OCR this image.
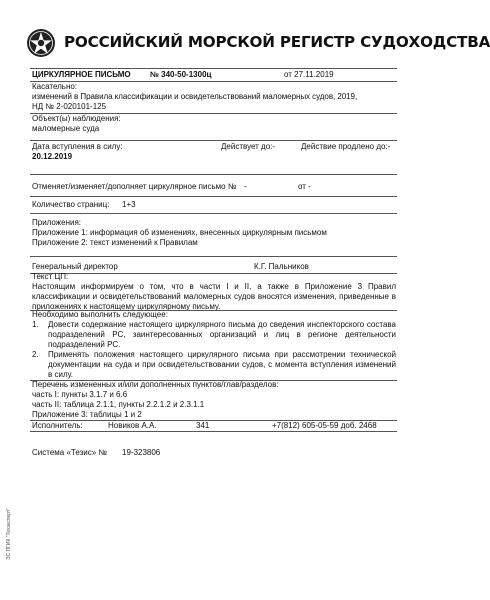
РОССИЙСКИЙ МОРСКОЙ РЕГИСТР СУДОХОДСТВА
ЦИРКУЛЯРНОЕ ПИСЬМО № 340-50-1300ц	от 27.11.2019
Касательно:
изменений в Правила классификации и освидетельствований маломерных судов, 2019,
НД № 2-020101-125
Объект(ы) наблюдения:
маломерные суда
Дата вступления в силу:	Действует до:-	Действие продлено до:-
20.12.2019
Отменяет/изменяет/дополняет циркулярное письмо № -	от -
Количество страниц: 1+3
Приложения:
Приложение 1: информация об изменениях, внесенных циркулярным письмом
Приложение 2: текст изменений к Правилам
Генеральный директор	К.Г. Пальников
Текст ЦП:
Настоящим информируем о том, что в части I и II, а также в Приложение 3 Правил классификации и освидетельствований маломерных судов вносятся изменения, приведенные в приложениях к настоящему циркулярному письму.
Необходимо выполнить следующее:
1. Довести содержание настоящего циркулярного письма до сведения инспекторского состава подразделений РС, заинтересованных организаций и лиц в регионе деятельности подразделений РС.
2. Применять положения настоящего циркулярного письма при рассмотрении технической документации на суда и при освидетельствовании судов, с момента вступления изменений в силу.
Перечень измененных и/или дополненных пунктов/глав/разделов:
часть I: пункты 3.1.7 и 6.6
часть II: таблица 2.1.1, пункты 2.2.1.2 и 2.3.1.1
Приложение 3: таблицы 1 и 2
Исполнитель:	Новиков А.А.	341	+7(812) 605-05-59 доб. 2468
Система «Тезис» № 19-323806
ЭС ПГИК "Техэксперт"
